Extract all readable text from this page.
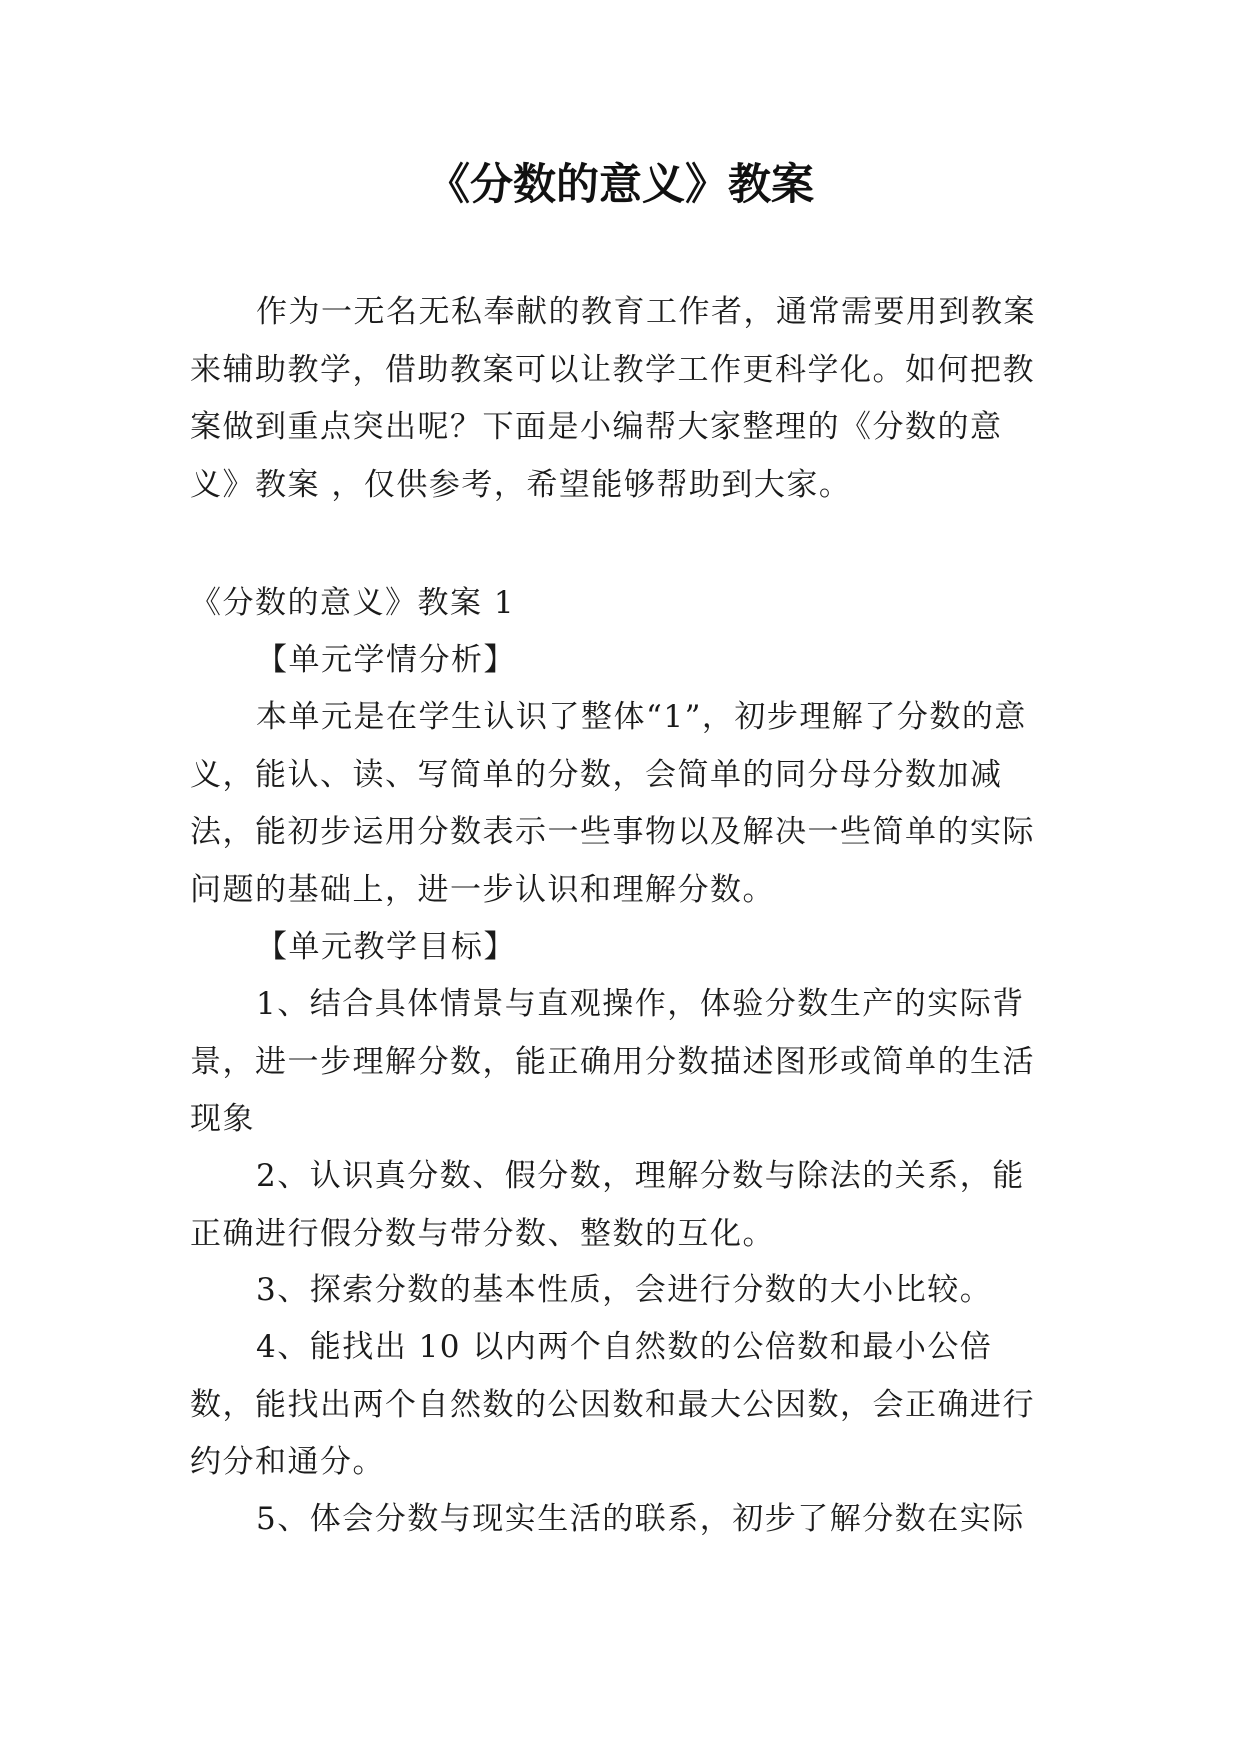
《分数的意义》教案

作为一无名无私奉献的教育工作者，通常需要用到教案来辅助教学，借助教案可以让教学工作更科学化。如何把教案做到重点突出呢？下面是小编帮大家整理的《分数的意义》教案 ，仅供参考，希望能够帮助到大家。

《分数的意义》教案 1

【单元学情分析】

本单元是在学生认识了整体“1”，初步理解了分数的意义，能认、读、写简单的分数，会简单的同分母分数加减法，能初步运用分数表示一些事物以及解决一些简单的实际问题的基础上，进一步认识和理解分数。

【单元教学目标】

1、结合具体情景与直观操作，体验分数生产的实际背景，进一步理解分数，能正确用分数描述图形或简单的生活现象

2、认识真分数、假分数，理解分数与除法的关系，能正确进行假分数与带分数、整数的互化。

3、探索分数的基本性质，会进行分数的大小比较。

4、能找出 10 以内两个自然数的公倍数和最小公倍数，能找出两个自然数的公因数和最大公因数，会正确进行约分和通分。

5、体会分数与现实生活的联系，初步了解分数在实际
